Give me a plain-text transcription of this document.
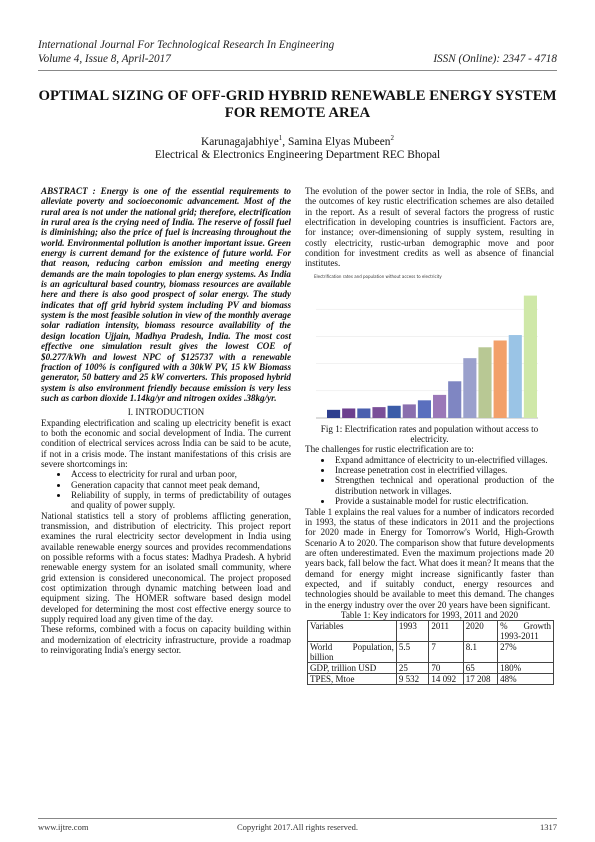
International Journal For Technological Research In Engineering
Volume 4, Issue 8, April-2017	ISSN (Online): 2347 - 4718
OPTIMAL SIZING OF OFF-GRID HYBRID RENEWABLE ENERGY SYSTEM FOR REMOTE AREA
Karunagajabhiye$^1$, Samina Elyas Mubeen$^2$
Electrical & Electronics Engineering Department REC Bhopal

ABSTRACT : Energy is one of the essential requirements to alleviate poverty and socioeconomic advancement. Most of the rural area is not under the national grid; therefore, electrification in rural area is the crying need of India. The reserve of fossil fuel is diminishing; also the price of fuel is increasing throughout the world. Environmental pollution is another important issue. Green energy is current demand for the existence of future world. For that reason, reducing carbon emission and meeting energy demands are the main topologies to plan energy systems. As India is an agricultural based country, biomass resources are available here and there is also good prospect of solar energy. The study indicates that off grid hybrid system including PV and biomass system is the most feasible solution in view of the monthly average solar radiation intensity, biomass resource availability of the design location Ujjain, Madhya Pradesh, India. The most cost effective one simulation result gives the lowest COE of $0.277/kWh and lowest NPC of $125737 with a renewable fraction of 100% is configured with a 30kW PV, 15 kW Biomass generator, 50 battery and 25 kW converters. This proposed hybrid system is also environment friendly because emission is very less such as carbon dioxide 1.14kg/yr and nitrogen oxides .38kg/yr.

I. INTRODUCTION

Expanding electrification and scaling up electricity benefit is exact to both the economic and social development of India. The current condition of electrical services across India can be said to be acute, if not in a crisis mode. The instant manifestations of this crisis are severe shortcomings in:

• Access to electricity for rural and urban poor,
• Generation capacity that cannot meet peak demand,
• Reliability of supply, in terms of predictability of outages and quality of power supply.

National statistics tell a story of problems afflicting generation, transmission, and distribution of electricity. This project report examines the rural electricity sector development in India using available renewable energy sources and provides recommendations on possible reforms with a focus states: Madhya Pradesh. A hybrid renewable energy system for an isolated small community, where grid extension is considered uneconomical. The project proposed cost optimization through dynamic matching between load and equipment sizing. The HOMER software based design model developed for determining the most cost effective energy source to supply required load any given time of the day.

These reforms, combined with a focus on capacity building within and modernization of electricity infrastructure, provide a roadmap to reinvigorating India's energy sector.

The evolution of the power sector in India, the role of SEBs, and the outcomes of key rustic electrification schemes are also detailed in the report. As a result of several factors the progress of rustic electrification in developing countries is insufficient. Factors are, for instance; over-dimensioning of supply system, resulting in costly electricity, rustic-urban demographic move and poor condition for investment credits as well as absence of financial institutes.

Electrification rates and population without access to electricity

Fig 1: Electrification rates and population without access to electricity.

The challenges for rustic electrification are to:

• Expand admittance of electricity to un-electrified villages.
• Increase penetration cost in electrified villages.
• Strengthen technical and operational production of the distribution network in villages.
• Provide a sustainable model for rustic electrification.

Table 1 explains the real values for a number of indicators recorded in 1993, the status of these indicators in 2011 and the projections for 2020 made in Energy for Tomorrow's World, High-Growth Scenario A to 2020. The comparison show that future developments are often underestimated. Even the maximum projections made 20 years back, fall below the fact. What does it mean? It means that the demand for energy might increase significantly faster than expected, and if suitably conduct, energy resources and technologies should be available to meet this demand. The changes in the energy industry over the over 20 years have been significant.

Table 1: Key indicators for 1993, 2011 and 2020

Variables	1993	2011	2020	% Growth 1993-2011
World Population, billion	5.5	7	8.1	27%
GDP, trillion USD	25	70	65	180%
TPES, Mtoe	9 532	14 092	17 208	48%
www.ijtre.com	Copyright 2017.All rights reserved.	1317
